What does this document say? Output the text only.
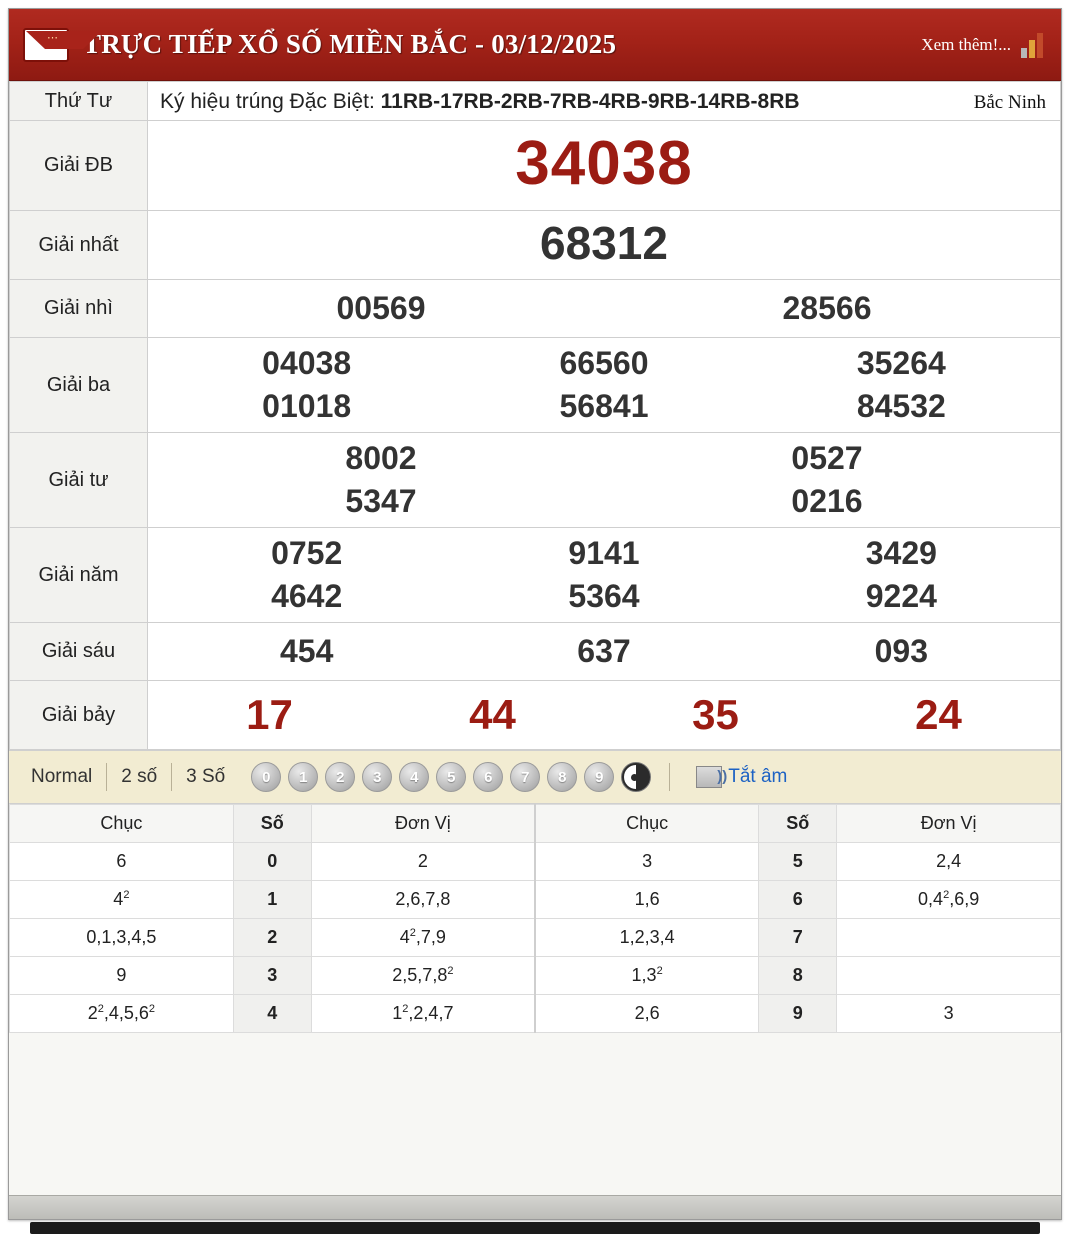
⋯ TRỰC TIẾP XỔ SỐ MIỀN BẮC - 03/12/2025	Xem thêm!...
Thứ Tư	Ký hiệu trúng Đặc Biệt: 11RB-17RB-2RB-7RB-4RB-9RB-14RB-8RB Bắc Ninh

Giải ĐB	34038

Giải nhất	68312

Giải nhì	00569 28566

Giải ba	
04038	66560	35264
01018	56841	84532

Giải tư	8002 0527
5347 0216

Giải năm	
0752	9141	3429
4642	5364	9224

Giải sáu	454 637 093

Giải bảy	17 44 35 24
Normal	2 số	3 Số	0	1	2	3	4	5	6	7	8	9 ))	Tắt âm
Chục	Số	Đơn Vị	Chục	Số	Đơn Vị
6	0	2	3	5	2,4
$4^2$	1	2,6,7,8	1,6	6	$0,4^2,6,9$
0,1,3,4,5	2	$4^2,7,9$	1,2,3,4	7	
9	3	2,5,7,8$^2$	$1,3^2$	8	
$2^2,4,5,6^2$	4	$1^2,2,4,7$	2,6	9	3
